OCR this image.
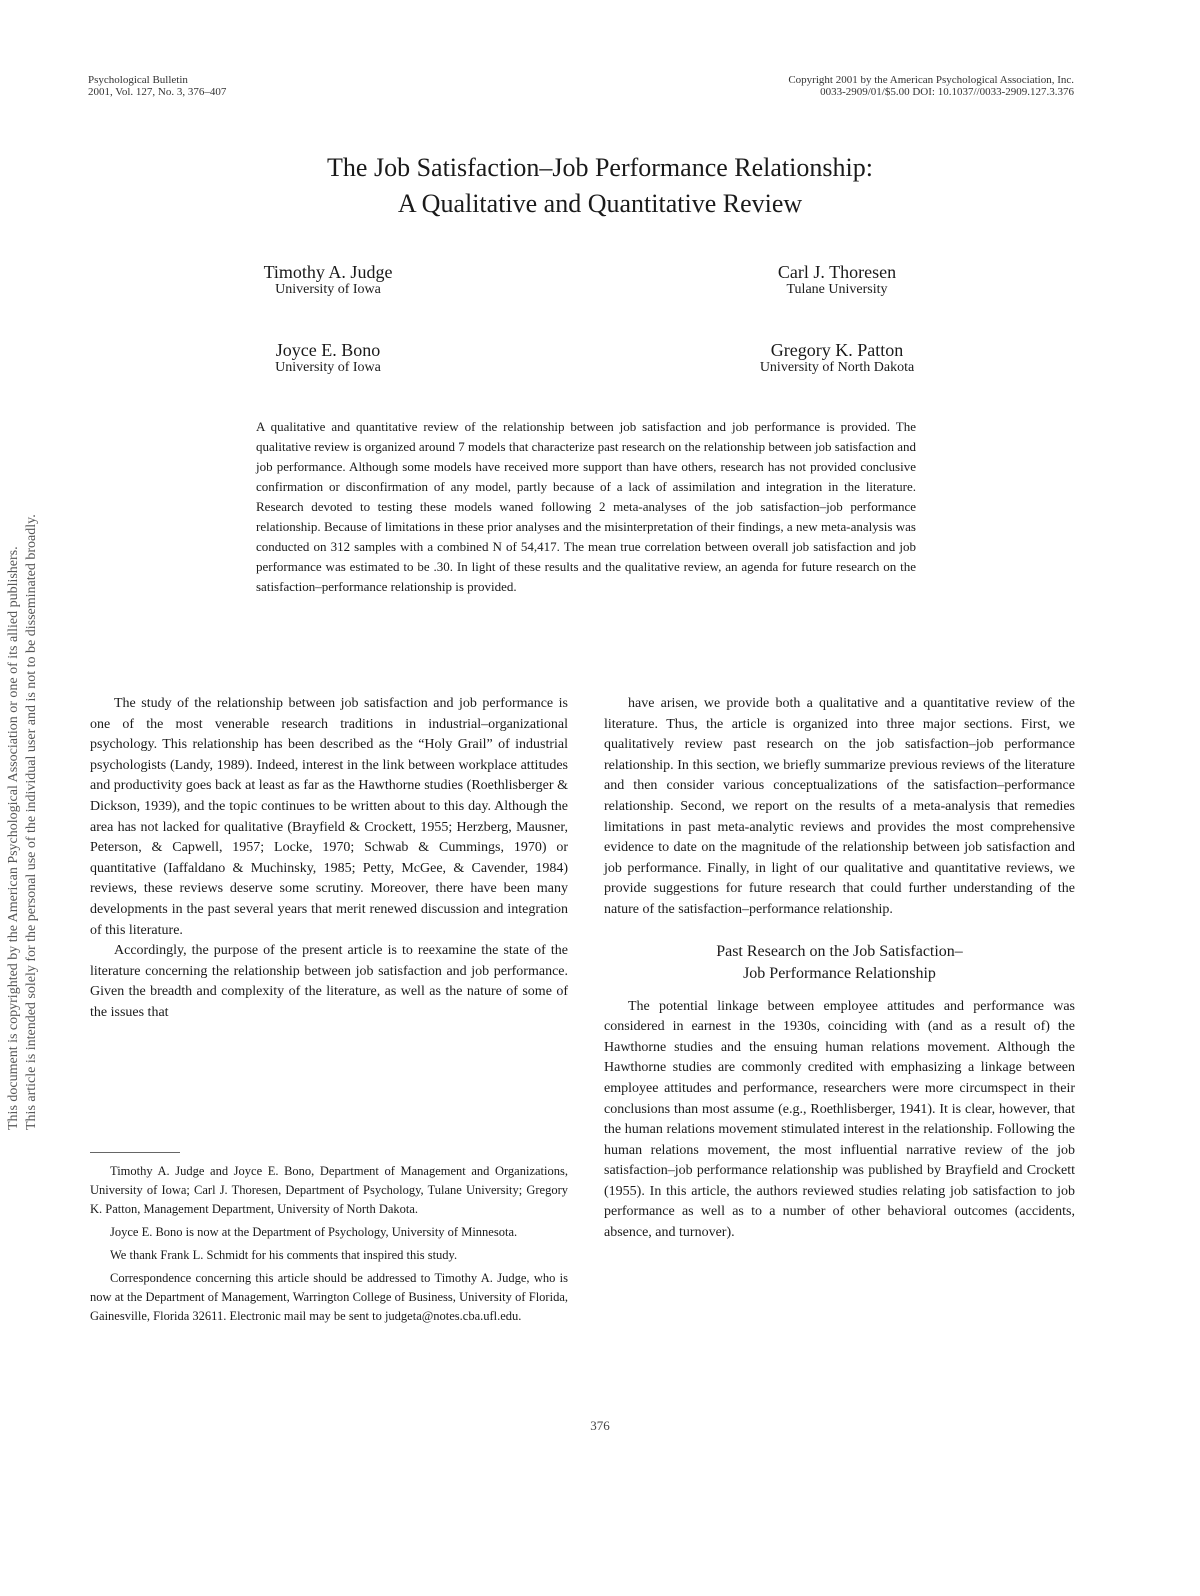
Psychological Bulletin
2001, Vol. 127, No. 3, 376–407
Copyright 2001 by the American Psychological Association, Inc.
0033-2909/01/$5.00 DOI: 10.1037//0033-2909.127.3.376
The Job Satisfaction–Job Performance Relationship:
A Qualitative and Quantitative Review
Timothy A. Judge
University of Iowa
Carl J. Thoresen
Tulane University
Joyce E. Bono
University of Iowa
Gregory K. Patton
University of North Dakota
A qualitative and quantitative review of the relationship between job satisfaction and job performance is provided. The qualitative review is organized around 7 models that characterize past research on the relationship between job satisfaction and job performance. Although some models have received more support than have others, research has not provided conclusive confirmation or disconfirmation of any model, partly because of a lack of assimilation and integration in the literature. Research devoted to testing these models waned following 2 meta-analyses of the job satisfaction–job performance relationship. Because of limitations in these prior analyses and the misinterpretation of their findings, a new meta-analysis was conducted on 312 samples with a combined N of 54,417. The mean true correlation between overall job satisfaction and job performance was estimated to be .30. In light of these results and the qualitative review, an agenda for future research on the satisfaction–performance relationship is provided.

The study of the relationship between job satisfaction and job performance is one of the most venerable research traditions in industrial–organizational psychology. This relationship has been described as the “Holy Grail” of industrial psychologists (Landy, 1989). Indeed, interest in the link between workplace attitudes and productivity goes back at least as far as the Hawthorne studies (Roethlisberger & Dickson, 1939), and the topic continues to be written about to this day. Although the area has not lacked for qualitative (Brayfield & Crockett, 1955; Herzberg, Mausner, Peterson, & Capwell, 1957; Locke, 1970; Schwab & Cummings, 1970) or quantitative (Iaffaldano & Muchinsky, 1985; Petty, McGee, & Cavender, 1984) reviews, these reviews deserve some scrutiny. Moreover, there have been many developments in the past several years that merit renewed discussion and integration of this literature.

Accordingly, the purpose of the present article is to reexamine the state of the literature concerning the relationship between job satisfaction and job performance. Given the breadth and complexity of the literature, as well as the nature of some of the issues that

have arisen, we provide both a qualitative and a quantitative review of the literature. Thus, the article is organized into three major sections. First, we qualitatively review past research on the job satisfaction–job performance relationship. In this section, we briefly summarize previous reviews of the literature and then consider various conceptualizations of the satisfaction–performance relationship. Second, we report on the results of a meta-analysis that remedies limitations in past meta-analytic reviews and provides the most comprehensive evidence to date on the magnitude of the relationship between job satisfaction and job performance. Finally, in light of our qualitative and quantitative reviews, we provide suggestions for future research that could further understanding of the nature of the satisfaction–performance relationship.

Past Research on the Job Satisfaction–
Job Performance Relationship

The potential linkage between employee attitudes and performance was considered in earnest in the 1930s, coinciding with (and as a result of) the Hawthorne studies and the ensuing human relations movement. Although the Hawthorne studies are commonly credited with emphasizing a linkage between employee attitudes and performance, researchers were more circumspect in their conclusions than most assume (e.g., Roethlisberger, 1941). It is clear, however, that the human relations movement stimulated interest in the relationship. Following the human relations movement, the most influential narrative review of the job satisfaction–job performance relationship was published by Brayfield and Crockett (1955). In this article, the authors reviewed studies relating job satisfaction to job performance as well as to a number of other behavioral outcomes (accidents, absence, and turnover).

Timothy A. Judge and Joyce E. Bono, Department of Management and Organizations, University of Iowa; Carl J. Thoresen, Department of Psychology, Tulane University; Gregory K. Patton, Management Department, University of North Dakota.

Joyce E. Bono is now at the Department of Psychology, University of Minnesota.

We thank Frank L. Schmidt for his comments that inspired this study.

Correspondence concerning this article should be addressed to Timothy A. Judge, who is now at the Department of Management, Warrington College of Business, University of Florida, Gainesville, Florida 32611. Electronic mail may be sent to judgeta@notes.cba.ufl.edu.

376
This document is copyrighted by the American Psychological Association or one of its allied publishers. This article is intended solely for the personal use of the individual user and is not to be disseminated broadly.
